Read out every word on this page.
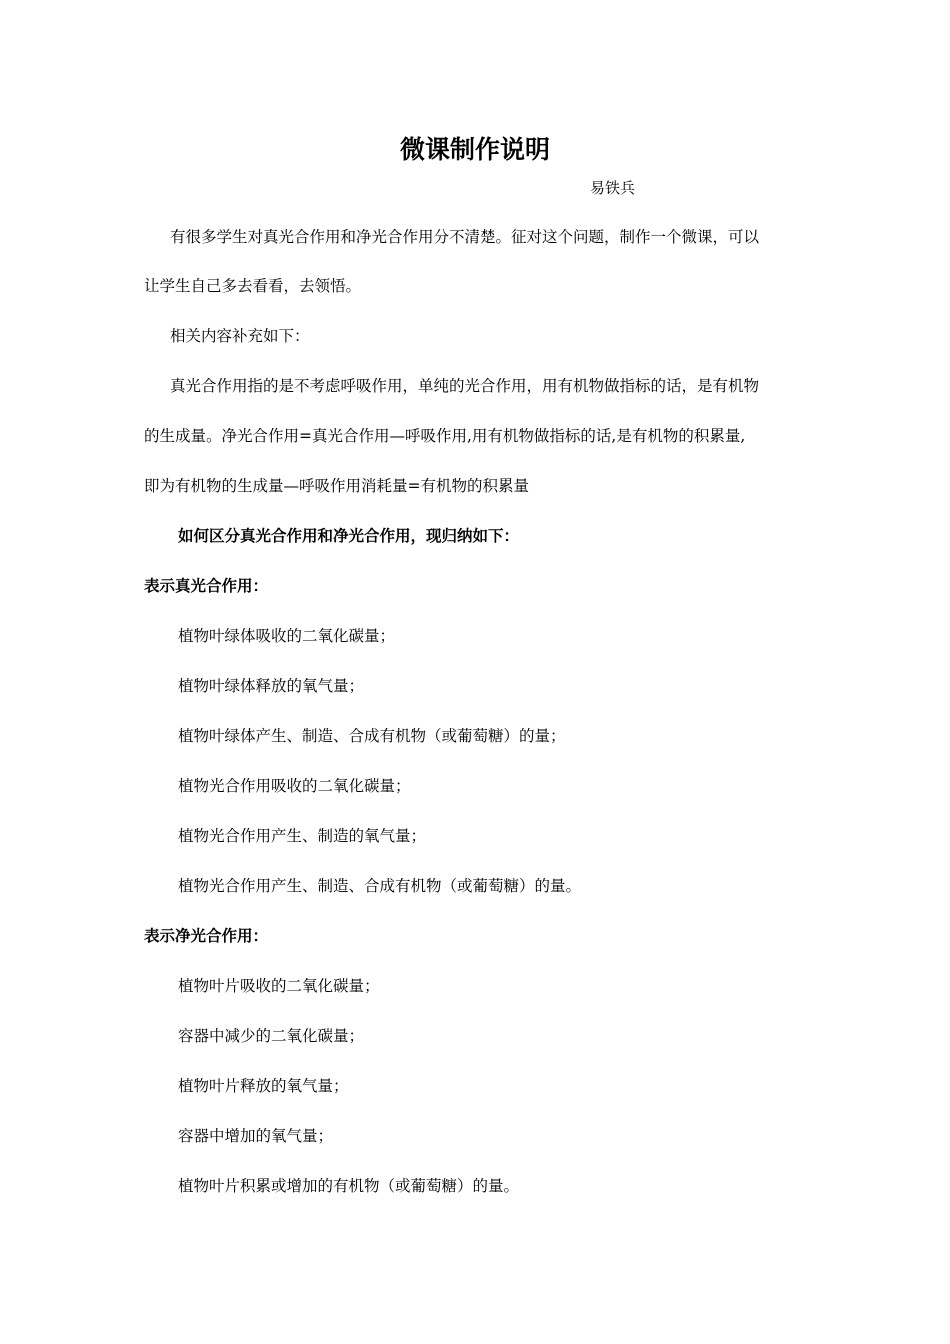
微课制作说明
易铁兵
有很多学生对真光合作用和净光合作用分不清楚。征对这个问题，制作一个微课，可以
让学生自己多去看看，去领悟。
相关内容补充如下：
真光合作用指的是不考虑呼吸作用，单纯的光合作用，用有机物做指标的话，是有机物
的生成量。净光合作用=真光合作用—呼吸作用,用有机物做指标的话,是有机物的积累量,
即为有机物的生成量—呼吸作用消耗量=有机物的积累量
如何区分真光合作用和净光合作用，现归纳如下：
表示真光合作用：
植物叶绿体吸收的二氧化碳量；
植物叶绿体释放的氧气量；
植物叶绿体产生、制造、合成有机物（或葡萄糖）的量；
植物光合作用吸收的二氧化碳量；
植物光合作用产生、制造的氧气量；
植物光合作用产生、制造、合成有机物（或葡萄糖）的量。
表示净光合作用：
植物叶片吸收的二氧化碳量；
容器中减少的二氧化碳量；
植物叶片释放的氧气量；
容器中增加的氧气量；
植物叶片积累或增加的有机物（或葡萄糖）的量。
